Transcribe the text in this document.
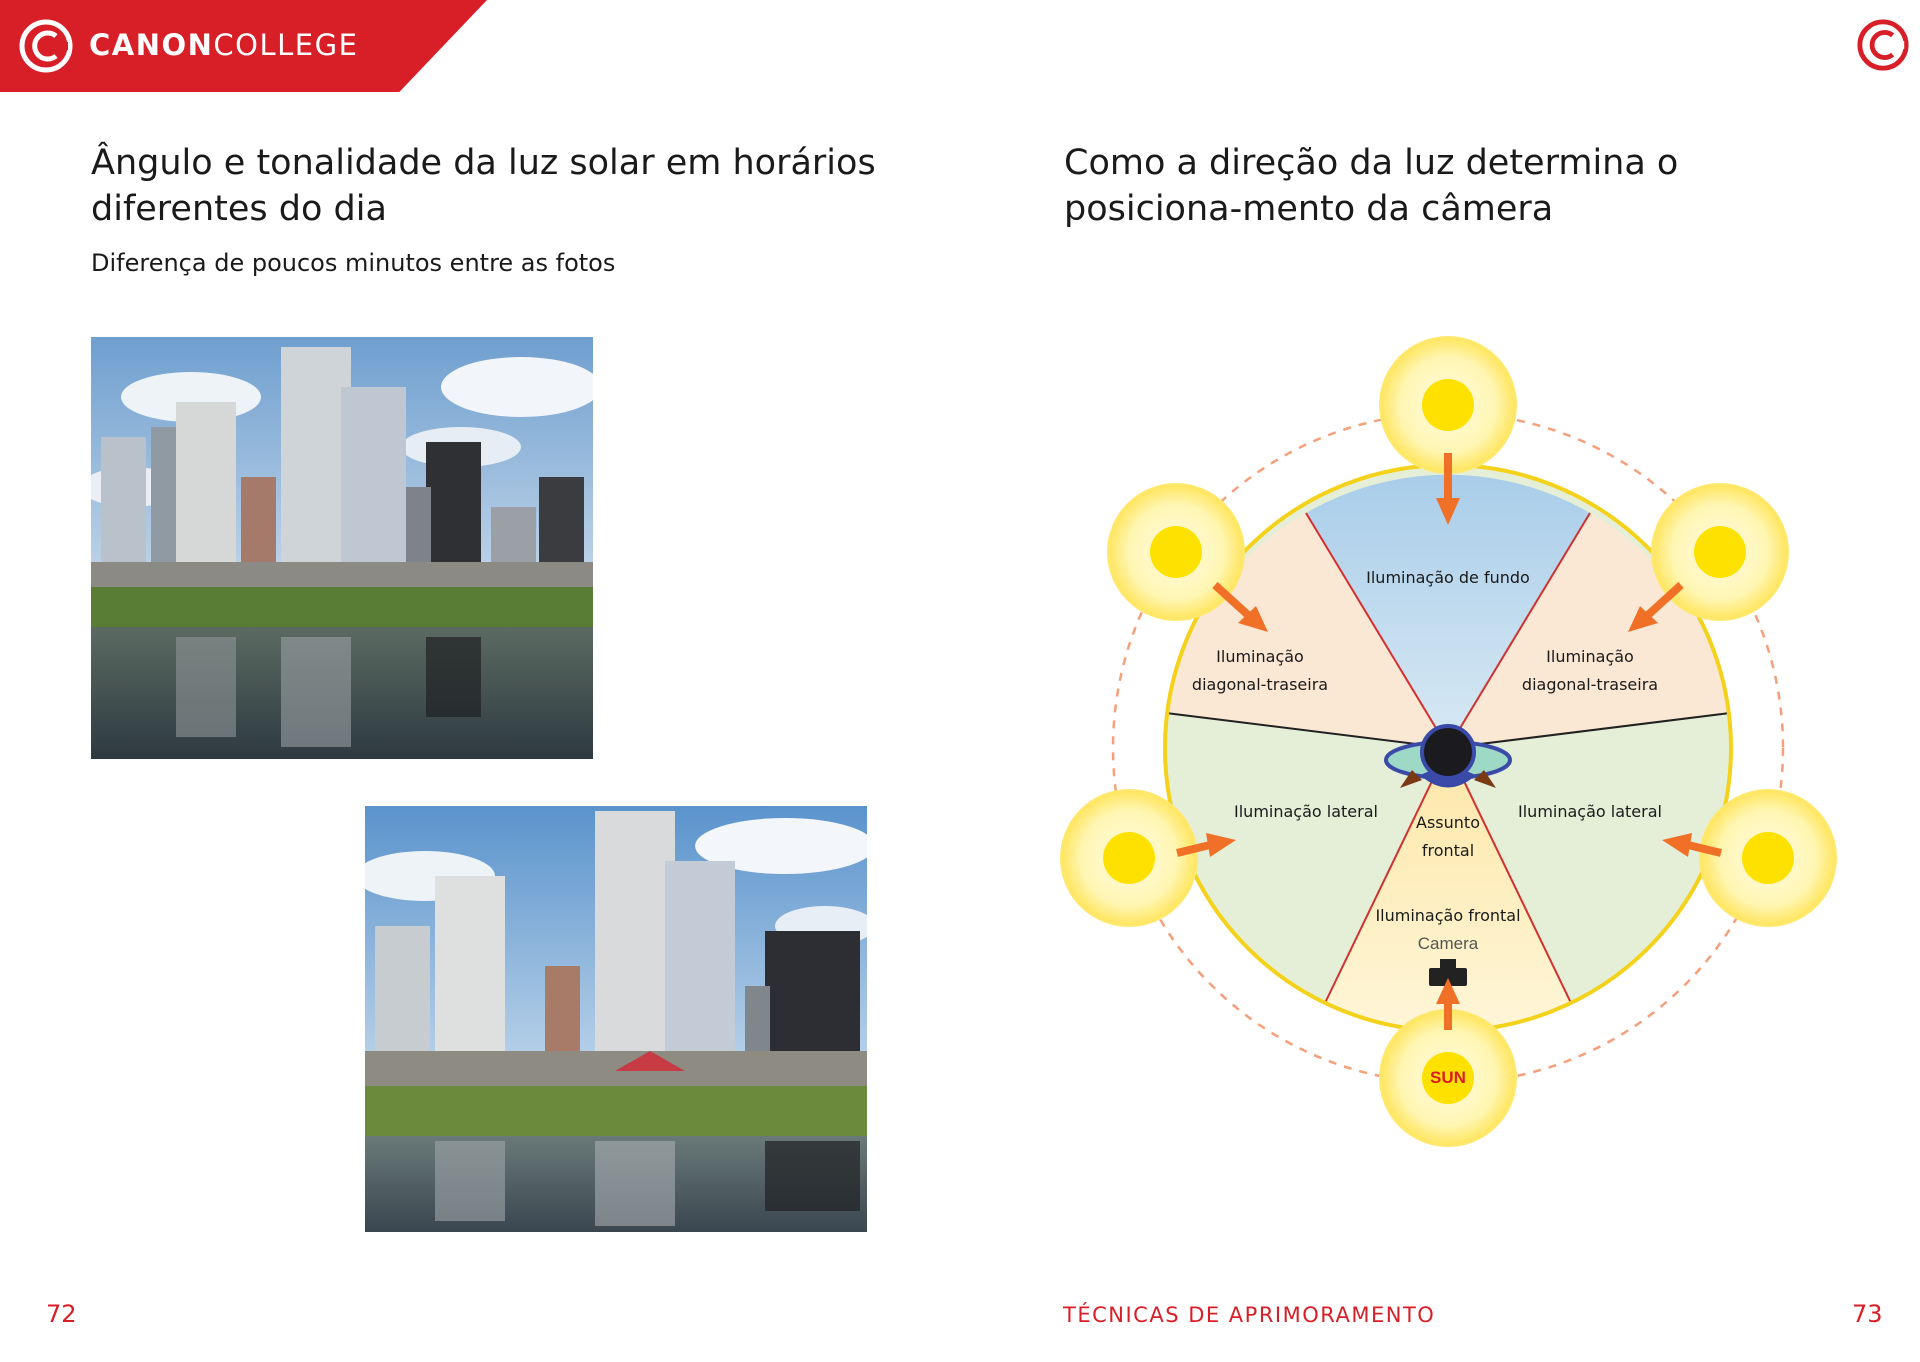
CANONCOLLEGE
Ângulo e tonalidade da luz solar em horários diferentes do dia

Diferença de poucos minutos entre as fotos

Como a direção da luz determina o posiciona-mento da câmera
Iluminação de fundo
Iluminação
diagonal-traseira
Iluminação
diagonal-traseira
Iluminação lateral	Iluminação lateral
Assunto
frontal
Iluminação frontal
Camera
SUN
72	TÉCNICAS DE APRIMORAMENTO	73
